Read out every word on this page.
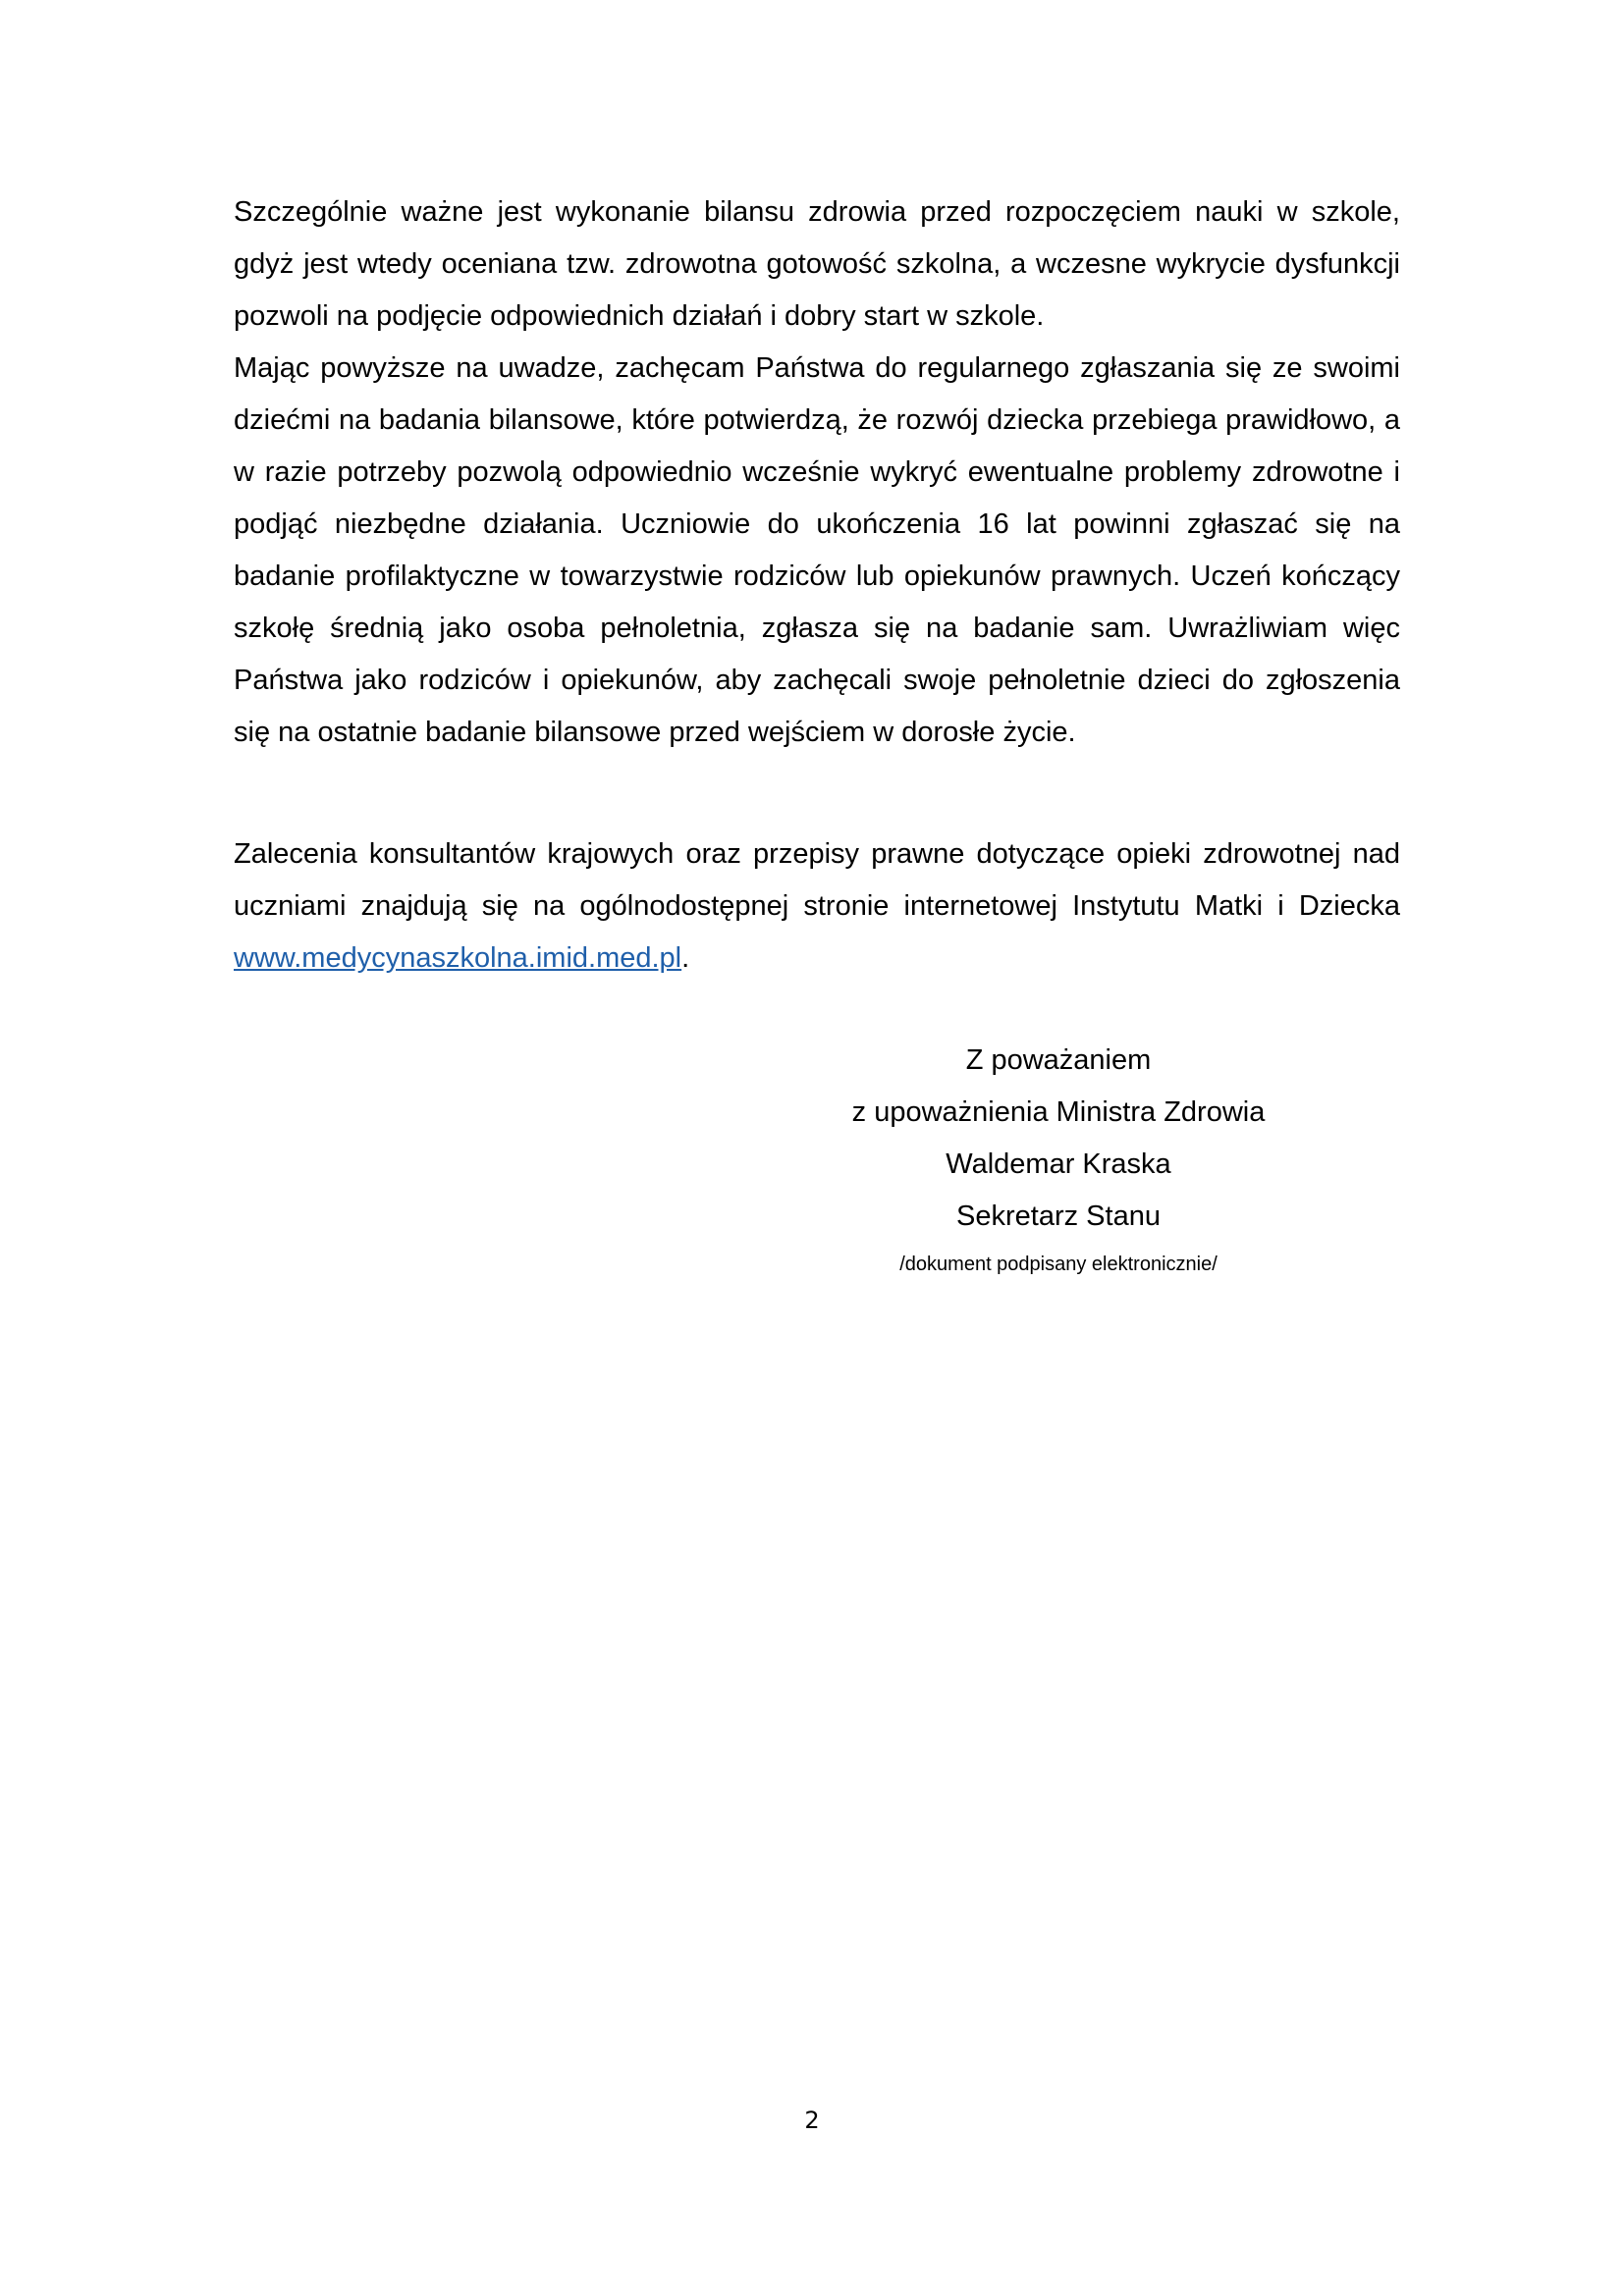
Szczególnie ważne jest wykonanie bilansu zdrowia przed rozpoczęciem nauki w szkole, gdyż jest wtedy oceniana tzw. zdrowotna gotowość szkolna, a wczesne wykrycie dysfunkcji pozwoli na podjęcie odpowiednich działań i dobry start w szkole.

Mając powyższe na uwadze, zachęcam Państwa do regularnego zgłaszania się ze swoimi dziećmi na badania bilansowe, które potwierdzą, że rozwój dziecka przebiega prawidłowo, a w razie potrzeby pozwolą odpowiednio wcześnie wykryć ewentualne problemy zdrowotne i podjąć niezbędne działania. Uczniowie do ukończenia 16 lat powinni zgłaszać się na badanie profilaktyczne w towarzystwie rodziców lub opiekunów prawnych. Uczeń kończący szkołę średnią jako osoba pełnoletnia, zgłasza się na badanie sam. Uwrażliwiam więc Państwa jako rodziców i opiekunów, aby zachęcali swoje pełnoletnie dzieci do zgłoszenia się na ostatnie badanie bilansowe przed wejściem w dorosłe życie.

Zalecenia konsultantów krajowych oraz przepisy prawne dotyczące opieki zdrowotnej nad uczniami znajdują się na ogólnodostępnej stronie internetowej Instytutu Matki i Dziecka www.medycynaszkolna.imid.med.pl.

Z poważaniem
z upoważnienia Ministra Zdrowia
Waldemar Kraska
Sekretarz Stanu
/dokument podpisany elektronicznie/
2
